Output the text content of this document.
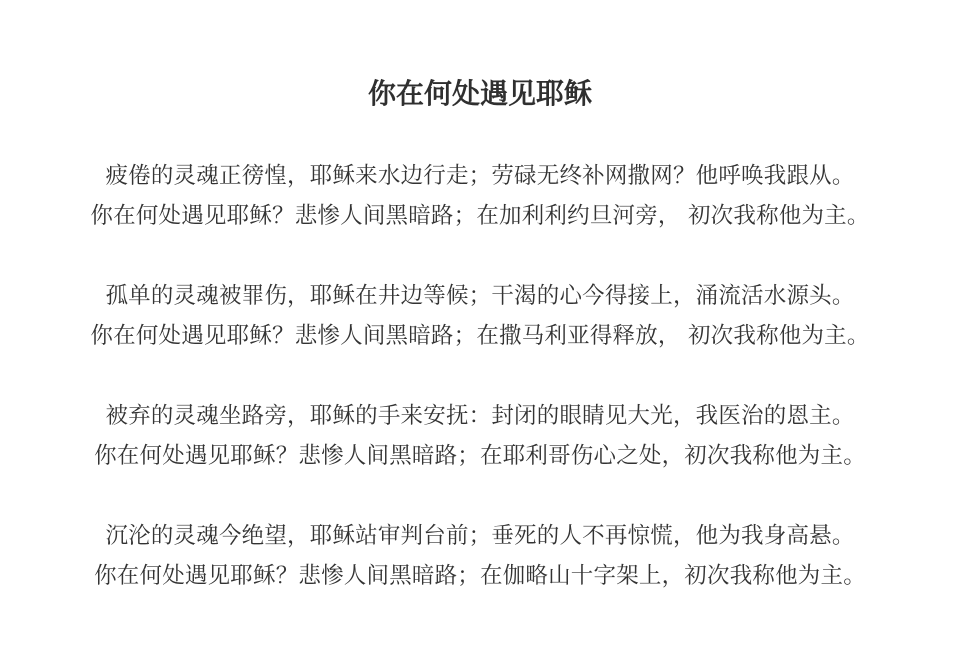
你在何处遇见耶稣
疲倦的灵魂正徬惶，耶稣来水边行走；劳碌无终补网撒网？他呼唤我跟从。
你在何处遇见耶稣？悲惨人间黑暗路；在加利利约旦河旁， 初次我称他为主。
孤单的灵魂被罪伤，耶稣在井边等候；干渴的心今得接上，涌流活水源头。
你在何处遇见耶稣？悲惨人间黑暗路；在撒马利亚得释放， 初次我称他为主。
被弃的灵魂坐路旁，耶稣的手来安抚：封闭的眼睛见大光，我医治的恩主。
你在何处遇见耶稣？悲惨人间黑暗路；在耶利哥伤心之处，初次我称他为主。
沉沦的灵魂今绝望，耶稣站审判台前；垂死的人不再惊慌，他为我身高悬。
你在何处遇见耶稣？悲惨人间黑暗路；在伽略山十字架上，初次我称他为主。
